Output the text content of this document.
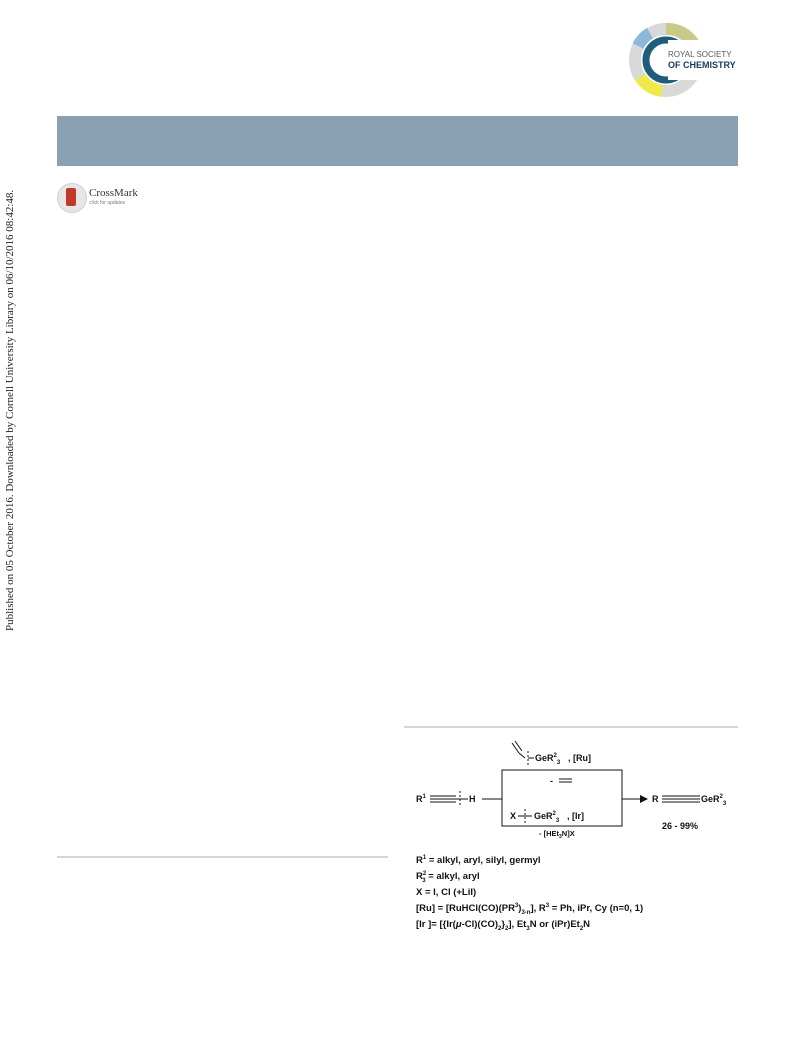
ROYAL SOCIETY

OF CHEMISTRY
CrossMark
click for updates
Published on 05 October 2016. Downloaded by Cornell University Library on 06/10/2016 08:42:48.
GeR$^2_3$ , [Ru]
-
$R^1$	H
X GeR$^2_3$ , [Ir]
- [HEt$_3$N]X
R	GeR$^2_3$
26 - 99%
$R^1$ = alkyl, aryl, silyl, germyl
$R^2_3$ = alkyl, aryl
X = I, Cl (+LiI)
$[Ru] = [RuHCl(CO)(PR^3)_{3-n}]$, $R^3 = Ph$, iPr, Cy (n=0, 1)
[Ir ]= $[\{Ir(\mu-Cl)(CO)_2\}_2]$, $Et_3N$ or $(iPr)Et_2N$
